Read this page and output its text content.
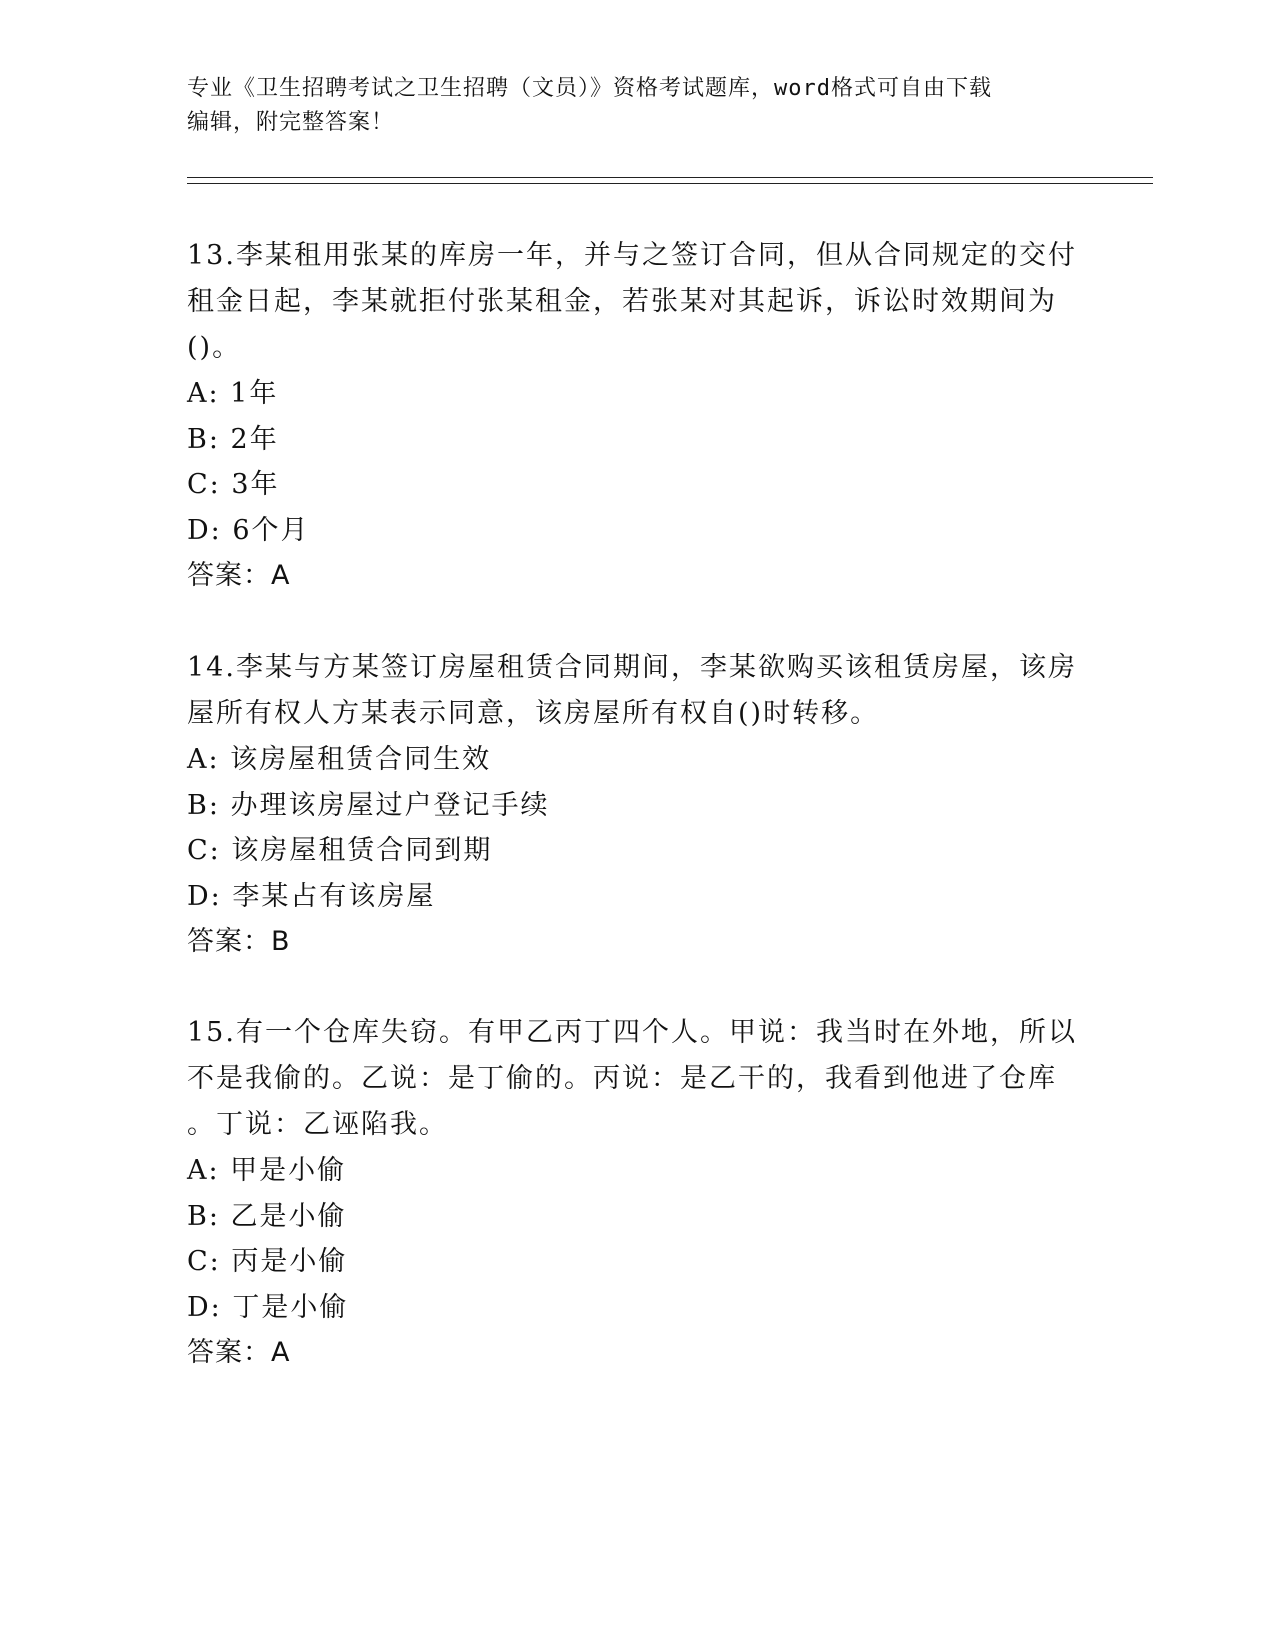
专业《卫生招聘考试之卫生招聘（文员）》资格考试题库，word格式可自由下载
编辑，附完整答案！
13.李某租用张某的库房一年，并与之签订合同，但从合同规定的交付
租金日起，李某就拒付张某租金，若张某对其起诉，诉讼时效期间为
()。
A: 1年
B: 2年
C: 3年
D: 6个月
答案：A
14.李某与方某签订房屋租赁合同期间，李某欲购买该租赁房屋，该房
屋所有权人方某表示同意，该房屋所有权自()时转移。
A: 该房屋租赁合同生效
B: 办理该房屋过户登记手续
C: 该房屋租赁合同到期
D: 李某占有该房屋
答案：B
15.有一个仓库失窃。有甲乙丙丁四个人。甲说：我当时在外地，所以
不是我偷的。乙说：是丁偷的。丙说：是乙干的，我看到他进了仓库
。丁说：乙诬陷我。
A: 甲是小偷
B: 乙是小偷
C: 丙是小偷
D: 丁是小偷
答案：A
